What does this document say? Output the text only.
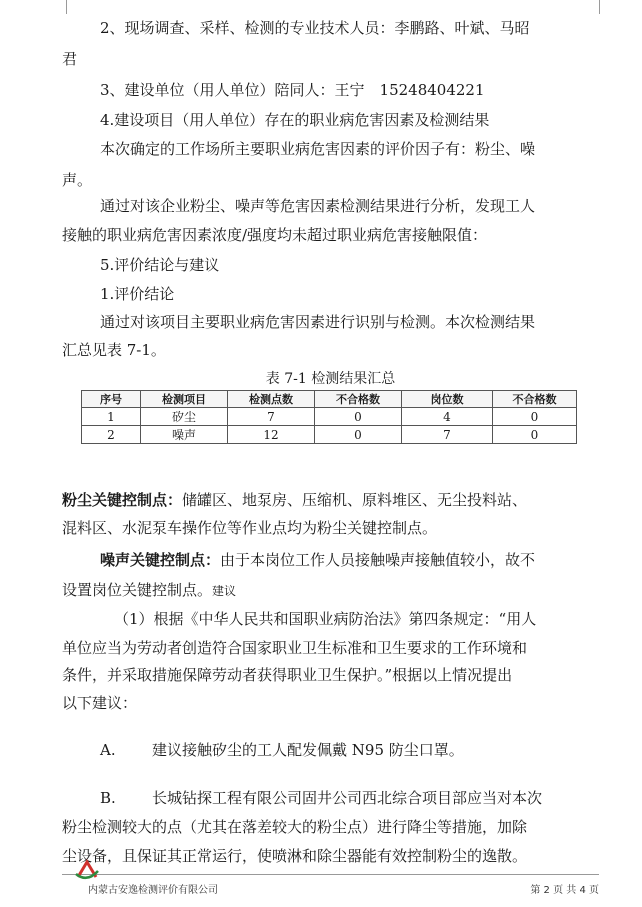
2、现场调查、采样、检测的专业技术人员：李鹏路、叶斌、马昭
君
3、建设单位（用人单位）陪同人：王宁　15248404221
4.建设项目（用人单位）存在的职业病危害因素及检测结果
本次确定的工作场所主要职业病危害因素的评价因子有：粉尘、噪
声。
通过对该企业粉尘、噪声等危害因素检测结果进行分析，发现工人
接触的职业病危害因素浓度/强度均未超过职业病危害接触限值：
5.评价结论与建议
1.评价结论
通过对该项目主要职业病危害因素进行识别与检测。本次检测结果
汇总见表 7-1。
表 7-1 检测结果汇总
序号	检测项目	检测点数	不合格数	岗位数	不合格数
1	矽尘	7	0	4	0
2	噪声	12	0	7	0
粉尘关键控制点：储罐区、地泵房、压缩机、原料堆区、无尘投料站、
混料区、水泥泵车操作位等作业点均为粉尘关键控制点。
噪声关键控制点：由于本岗位工作人员接触噪声接触值较小，故不
设置岗位关键控制点。建议
（1）根据《中华人民共和国职业病防治法》第四条规定：“用人
单位应当为劳动者创造符合国家职业卫生标准和卫生要求的工作环境和
条件，并采取措施保障劳动者获得职业卫生保护。”根据以上情况提出
以下建议：
A. 建议接触矽尘的工人配发佩戴 N95 防尘口罩。
B. 长城钻探工程有限公司固井公司西北综合项目部应当对本次
粉尘检测较大的点（尤其在落差较大的粉尘点）进行降尘等措施，加除
尘设备，且保证其正常运行，使喷淋和除尘器能有效控制粉尘的逸散。
内蒙古安逸检测评价有限公司	第 2 页 共 4 页
